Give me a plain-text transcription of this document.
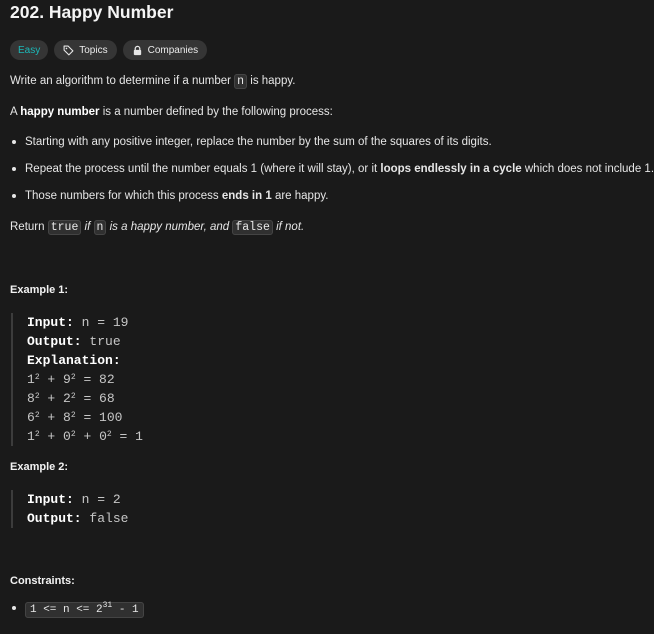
202. Happy Number
Easy	Topics	Companies
Write an algorithm to determine if a number n is happy.
A happy number is a number defined by the following process:
Starting with any positive integer, replace the number by the sum of the squares of its digits.
Repeat the process until the number equals 1 (where it will stay), or it loops endlessly in a cycle which does not include 1.
Those numbers for which this process ends in 1 are happy.
Return true if n is a happy number, and false if not.
Example 1:
Input: n = 19
Output: true
Explanation:
$1^2 + 9^2 = 82$
$8^2 + 2^2 = 68$
$6^2 + 8^2 = 100$
$1^2 + 0^2 + 0^2 = 1$
Example 2:
Input: n = 2
Output: false
Constraints:
$1 <= n <= 2^{31} - 1$
